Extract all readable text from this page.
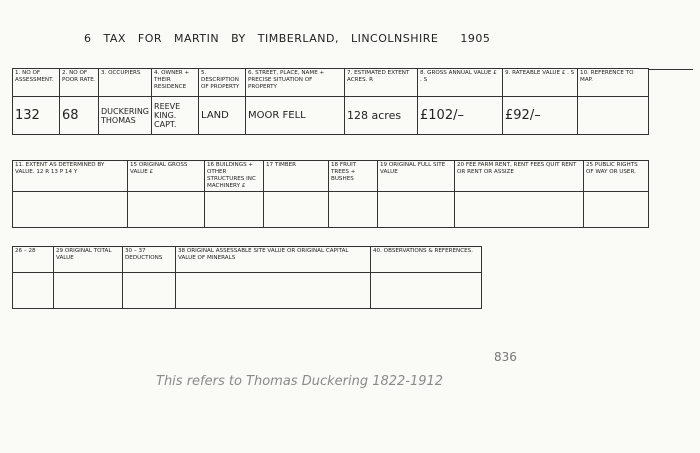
6 TAX FOR MARTIN BY TIMBERLAND, LINCOLNSHIRE 1905
1. NO OF ASSESSMENT.	2. NO OF POOR RATE.	3. OCCUPIERS	4. OWNER + THEIR RESIDENCE	5. DESCRIPTION OF PROPERTY	6. STREET, PLACE, NAME + PRECISE SITUATION OF PROPERTY	7. ESTIMATED EXTENT ACRES. R	8. GROSS ANNUAL VALUE £ . S	9. RATEABLE VALUE £ . S	10. REFERENCE TO MAP.
132	68	DUCKERING THOMAS	REEVE KING. CAPT.	LAND	MOOR FELL	128 acres	£102/–	£92/–	
11. EXTENT AS DETERMINED BY VALUE. 12 R 13 P 14 Y	15 ORIGINAL GROSS VALUE £	16 BUILDINGS + OTHER STRUCTURES INC MACHINERY £	17 TIMBER	18 FRUIT TREES + BUSHES	19 ORIGINAL FULL SITE VALUE	20 FEE FARM RENT, RENT FEES QUIT RENT OR RENT OR ASSIZE	25 PUBLIC RIGHTS OF WAY OR USER.

26 – 28	29 ORIGINAL TOTAL VALUE	30 – 37 DEDUCTIONS	38 ORIGINAL ASSESSABLE SITE VALUE OR ORIGINAL CAPITAL VALUE OF MINERALS	40. OBSERVATIONS & REFERENCES.

836
This refers to Thomas Duckering 1822-1912
